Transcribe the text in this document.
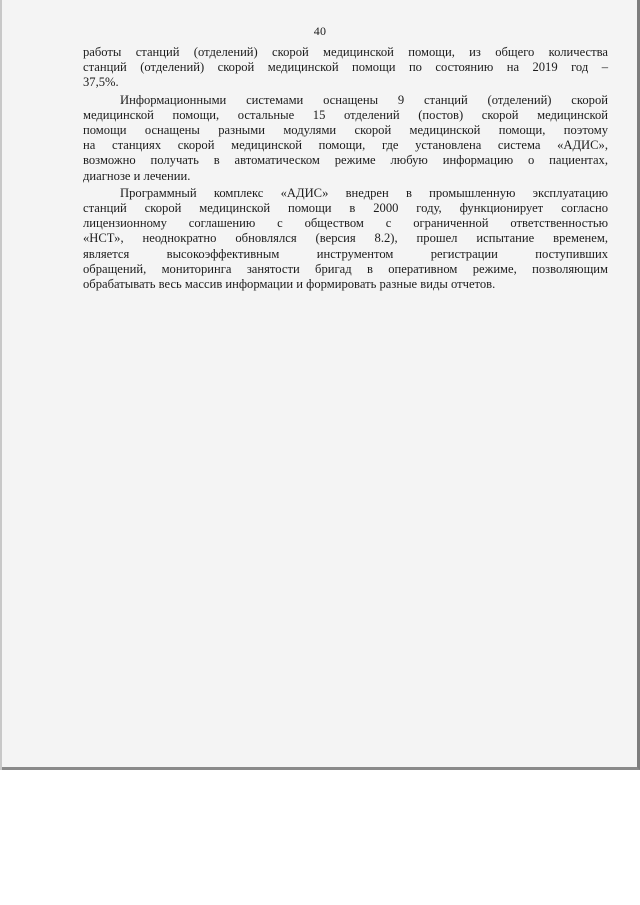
40

работы станций (отделений) скорой медицинской помощи, из общего количества
станций (отделений) скорой медицинской помощи по состоянию на 2019 год –
37,5%.

Информационными системами оснащены 9 станций (отделений) скорой
медицинской помощи, остальные 15 отделений (постов) скорой медицинской
помощи оснащены разными модулями скорой медицинской помощи, поэтому
на станциях скорой медицинской помощи, где установлена система «АДИС»,
возможно получать в автоматическом режиме любую информацию о пациентах,
диагнозе и лечении.

Программный комплекс «АДИС» внедрен в промышленную эксплуатацию
станций скорой медицинской помощи в 2000 году, функционирует согласно
лицензионному соглашению с обществом с ограниченной ответственностью
«НСТ», неоднократно обновлялся (версия 8.2), прошел испытание временем,
является высокоэффективным инструментом регистрации поступивших
обращений, мониторинга занятости бригад в оперативном режиме, позволяющим
обрабатывать весь массив информации и формировать разные виды отчетов.
